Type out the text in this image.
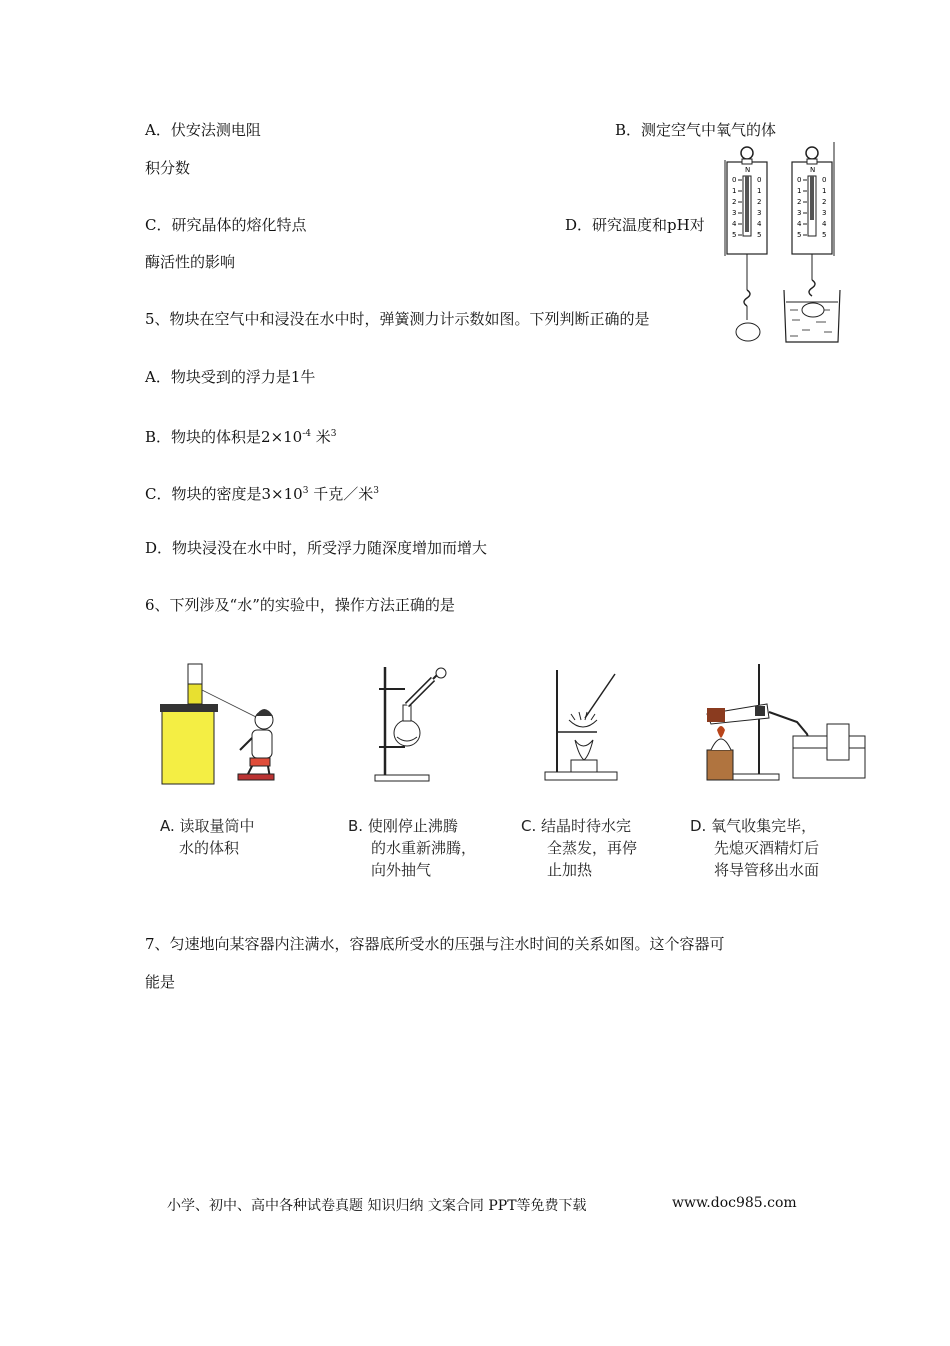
A．伏安法测电阻	B．测定空气中氧气的体
积分数
C．研究晶体的熔化特点	D．研究温度和pH对
酶活性的影响
N
0	0
1	1
2	2
3	3
4	4
5	5
N
0	0
1	1
2	2
3	3
4	4
5	5
5、物块在空气中和浸没在水中时，弹簧测力计示数如图。下列判断正确的是
A．物块受到的浮力是1牛
B．物块的体积是$2\times 10^{-4}$ 米$^3$
C．物块的密度是$3\times 10^3$ 千克／米$^3$
D．物块浸没在水中时，所受浮力随深度增加而增大
6、下列涉及“水”的实验中，操作方法正确的是
A. 读取量筒中
水的体积
B. 使刚停止沸腾
的水重新沸腾，
向外抽气
C. 结晶时待水完
全蒸发，再停
止加热
D. 氧气收集完毕，
先熄灭酒精灯后
将导管移出水面
7、匀速地向某容器内注满水，容器底所受水的压强与注水时间的关系如图。这个容器可
能是
小学、初中、高中各种试卷真题 知识归纳 文案合同 PPT等免费下载	www.doc985.com
